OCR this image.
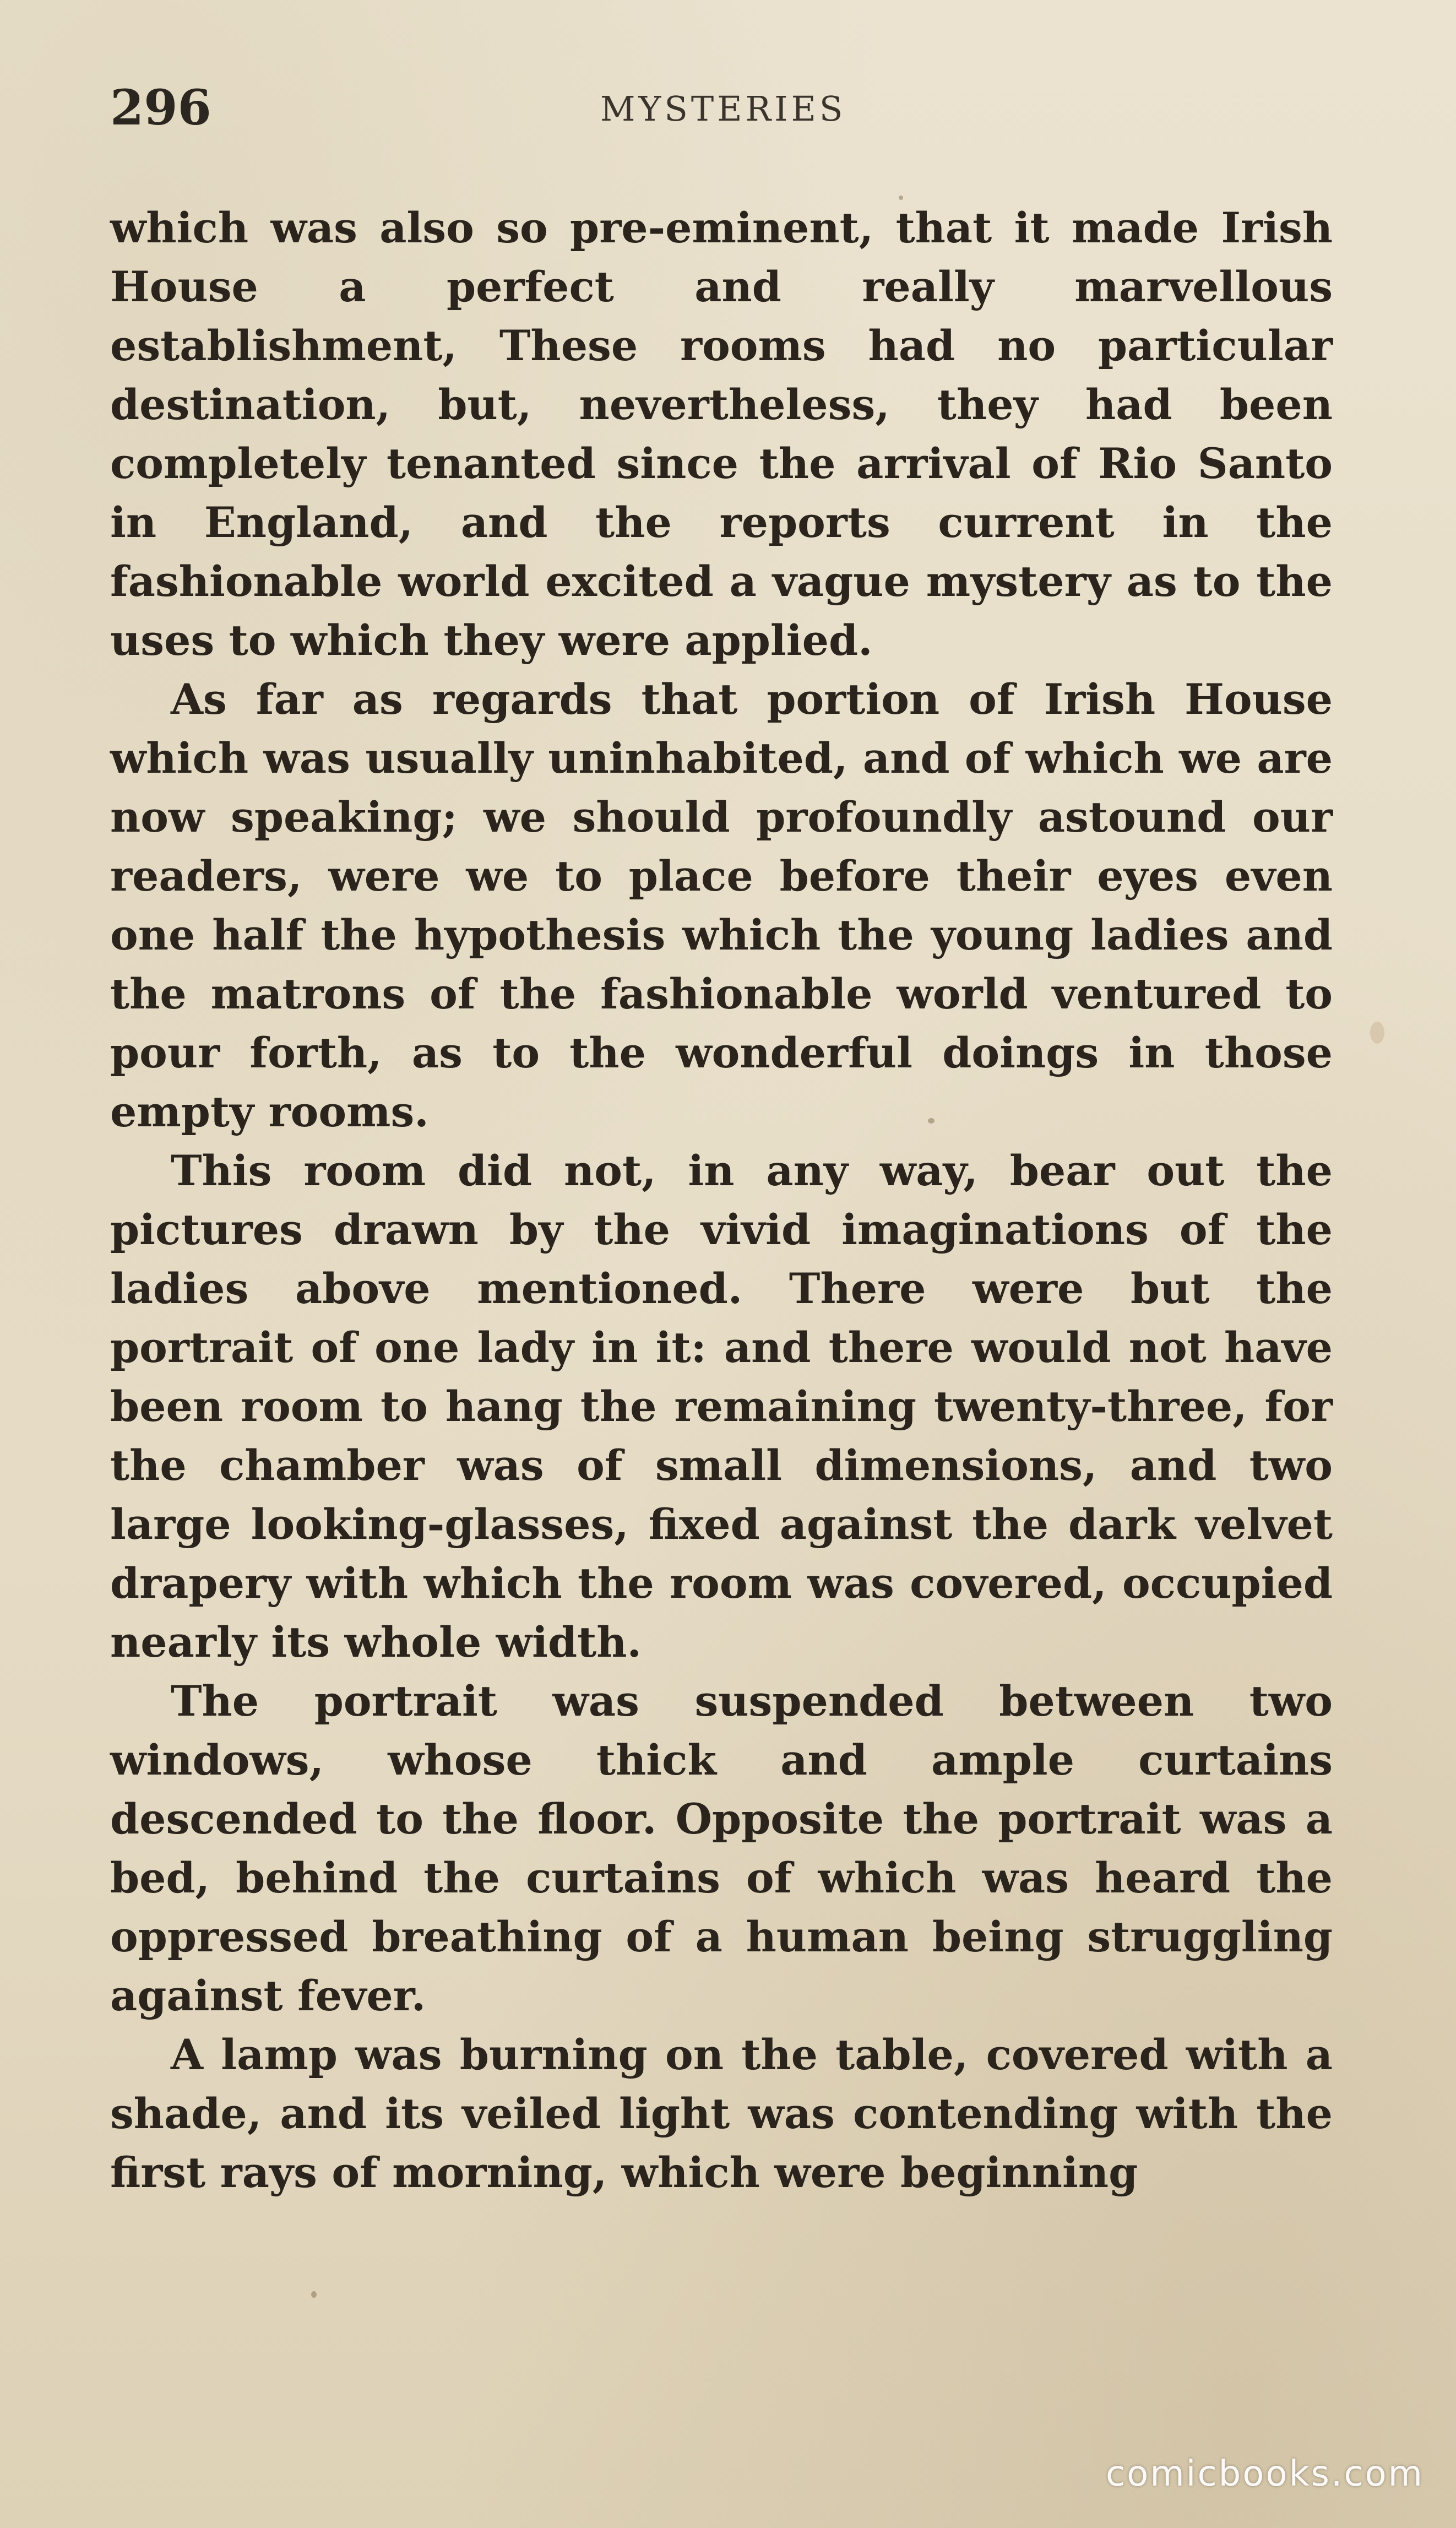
296	MYSTERIES

which was also so pre-eminent, that it made Irish House a perfect and really marvellous establishment, These rooms had no particular destination, but, nevertheless, they had been completely tenanted since the arrival of Rio Santo in England, and the reports current in the fashionable world excited a vague mystery as to the uses to which they were applied.

As far as regards that portion of Irish House which was usually uninhabited, and of which we are now speaking; we should profoundly astound our readers, were we to place before their eyes even one half the hypothesis which the young ladies and the matrons of the fashionable world ventured to pour forth, as to the wonderful doings in those empty rooms.

This room did not, in any way, bear out the pictures drawn by the vivid imaginations of the ladies above mentioned. There were but the portrait of one lady in it: and there would not have been room to hang the remaining twenty-three, for the chamber was of small dimensions, and two large looking-glasses, fixed against the dark velvet drapery with which the room was covered, occupied nearly its whole width.

The portrait was suspended between two windows, whose thick and ample curtains descended to the floor. Opposite the portrait was a bed, behind the curtains of which was heard the oppressed breathing of a human being struggling against fever.

A lamp was burning on the table, covered with a shade, and its veiled light was contending with the first rays of morning, which were beginning

comicbooks.com
